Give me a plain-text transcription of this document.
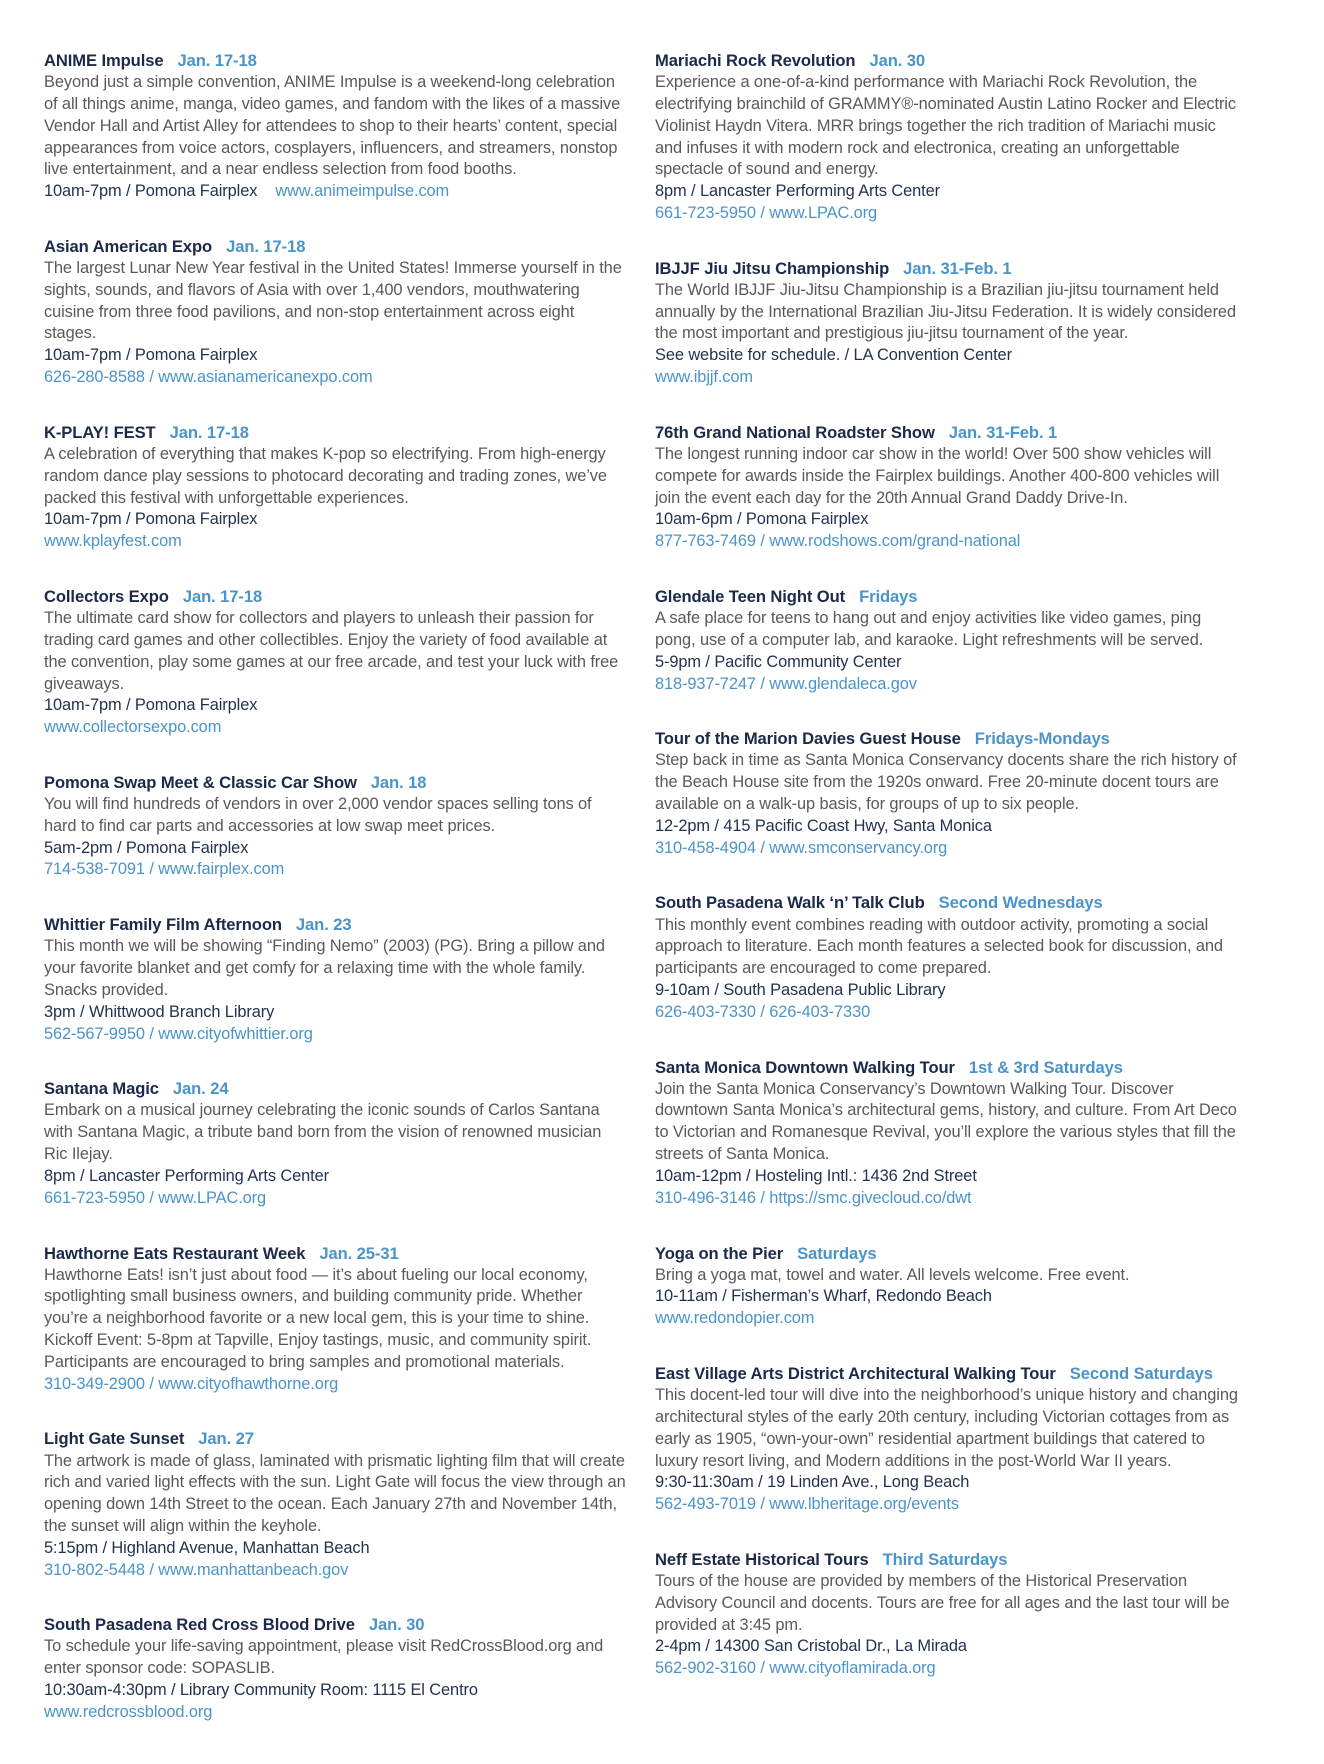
ANIME Impulse Jan. 17-18

Beyond just a simple convention, ANIME Impulse is a weekend-long celebration of all things anime, manga, video games, and fandom with the likes of a massive Vendor Hall and Artist Alley for attendees to shop to their hearts’ content, special appearances from voice actors, cosplayers, influencers, and streamers, nonstop live entertainment, and a near endless selection from food booths.

10am-7pm / Pomona Fairplex www.animeimpulse.com

Asian American Expo Jan. 17-18

The largest Lunar New Year festival in the United States! Immerse yourself in the sights, sounds, and flavors of Asia with over 1,400 vendors, mouthwatering cuisine from three food pavilions, and non-stop entertainment across eight stages.

10am-7pm / Pomona Fairplex

626-280-8588 / www.asianamericanexpo.com
K-PLAY! FEST Jan. 17-18

A celebration of everything that makes K-pop so electrifying. From high-energy random dance play sessions to photocard decorating and trading zones, we’ve packed this festival with unforgettable experiences.

10am-7pm / Pomona Fairplex

www.kplayfest.com
Collectors Expo Jan. 17-18

The ultimate card show for collectors and players to unleash their passion for trading card games and other collectibles. Enjoy the variety of food available at the convention, play some games at our free arcade, and test your luck with free giveaways.

10am-7pm / Pomona Fairplex

www.collectorsexpo.com
Pomona Swap Meet & Classic Car Show Jan. 18

You will find hundreds of vendors in over 2,000 vendor spaces selling tons of hard to find car parts and accessories at low swap meet prices.

5am-2pm / Pomona Fairplex

714-538-7091 / www.fairplex.com
Whittier Family Film Afternoon Jan. 23

This month we will be showing “Finding Nemo” (2003) (PG). Bring a pillow and your favorite blanket and get comfy for a relaxing time with the whole family. Snacks provided.

3pm / Whittwood Branch Library

562-567-9950 / www.cityofwhittier.org
Santana Magic Jan. 24

Embark on a musical journey celebrating the iconic sounds of Carlos Santana with Santana Magic, a tribute band born from the vision of renowned musician Ric Ilejay.

8pm / Lancaster Performing Arts Center

661-723-5950 / www.LPAC.org
Hawthorne Eats Restaurant Week Jan. 25-31

Hawthorne Eats! isn’t just about food — it’s about fueling our local economy, spotlighting small business owners, and building community pride. Whether you’re a neighborhood favorite or a new local gem, this is your time to shine. Kickoff Event: 5-8pm at Tapville, Enjoy tastings, music, and community spirit. Participants are encouraged to bring samples and promotional materials.

310-349-2900 / www.cityofhawthorne.org
Light Gate Sunset Jan. 27

The artwork is made of glass, laminated with prismatic lighting film that will create rich and varied light effects with the sun. Light Gate will focus the view through an opening down 14th Street to the ocean. Each January 27th and November 14th, the sunset will align within the keyhole.

5:15pm / Highland Avenue, Manhattan Beach

310-802-5448 / www.manhattanbeach.gov
South Pasadena Red Cross Blood Drive Jan. 30

To schedule your life-saving appointment, please visit RedCrossBlood.org and enter sponsor code: SOPASLIB.

10:30am-4:30pm / Library Community Room: 1115 El Centro

www.redcrossblood.org
Mariachi Rock Revolution Jan. 30

Experience a one-of-a-kind performance with Mariachi Rock Revolution, the electrifying brainchild of GRAMMY®-nominated Austin Latino Rocker and Electric Violinist Haydn Vitera. MRR brings together the rich tradition of Mariachi music and infuses it with modern rock and electronica, creating an unforgettable spectacle of sound and energy.

8pm / Lancaster Performing Arts Center

661-723-5950 / www.LPAC.org
IBJJF Jiu Jitsu Championship Jan. 31-Feb. 1

The World IBJJF Jiu-Jitsu Championship is a Brazilian jiu-jitsu tournament held annually by the International Brazilian Jiu-Jitsu Federation. It is widely considered the most important and prestigious jiu-jitsu tournament of the year.

See website for schedule. / LA Convention Center

www.ibjjf.com
76th Grand National Roadster Show Jan. 31-Feb. 1

The longest running indoor car show in the world! Over 500 show vehicles will compete for awards inside the Fairplex buildings. Another 400-800 vehicles will join the event each day for the 20th Annual Grand Daddy Drive-In.

10am-6pm / Pomona Fairplex

877-763-7469 / www.rodshows.com/grand-national
Glendale Teen Night Out Fridays

A safe place for teens to hang out and enjoy activities like video games, ping pong, use of a computer lab, and karaoke. Light refreshments will be served.

5-9pm / Pacific Community Center

818-937-7247 / www.glendaleca.gov
Tour of the Marion Davies Guest House Fridays-Mondays

Step back in time as Santa Monica Conservancy docents share the rich history of the Beach House site from the 1920s onward. Free 20-minute docent tours are available on a walk-up basis, for groups of up to six people.

12-2pm / 415 Pacific Coast Hwy, Santa Monica

310-458-4904 / www.smconservancy.org
South Pasadena Walk ‘n’ Talk Club Second Wednesdays

This monthly event combines reading with outdoor activity, promoting a social approach to literature. Each month features a selected book for discussion, and participants are encouraged to come prepared.

9-10am / South Pasadena Public Library

626-403-7330 / 626-403-7330
Santa Monica Downtown Walking Tour 1st & 3rd Saturdays

Join the Santa Monica Conservancy’s Downtown Walking Tour. Discover downtown Santa Monica’s architectural gems, history, and culture. From Art Deco to Victorian and Romanesque Revival, you’ll explore the various styles that fill the streets of Santa Monica.

10am-12pm / Hosteling Intl.: 1436 2nd Street

310-496-3146 / https://smc.givecloud.co/dwt
Yoga on the Pier Saturdays

Bring a yoga mat, towel and water. All levels welcome. Free event.

10-11am / Fisherman’s Wharf, Redondo Beach

www.redondopier.com
East Village Arts District Architectural Walking Tour Second Saturdays

This docent-led tour will dive into the neighborhood’s unique history and changing architectural styles of the early 20th century, including Victorian cottages from as early as 1905, “own-your-own” residential apartment buildings that catered to luxury resort living, and Modern additions in the post-World War II years.

9:30-11:30am / 19 Linden Ave., Long Beach

562-493-7019 / www.lbheritage.org/events
Neff Estate Historical Tours Third Saturdays

Tours of the house are provided by members of the Historical Preservation Advisory Council and docents. Tours are free for all ages and the last tour will be provided at 3:45 pm.

2-4pm / 14300 San Cristobal Dr., La Mirada

562-902-3160 / www.cityoflamirada.org
